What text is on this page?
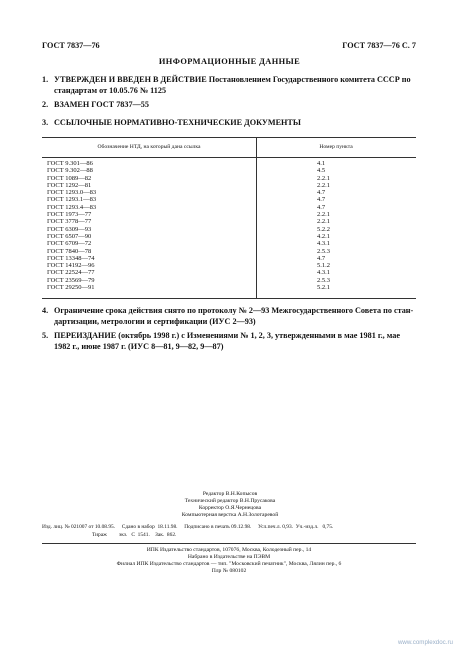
ГОСТ 7837—76	ГОСТ 7837—76 С. 7
ИНФОРМАЦИОННЫЕ ДАННЫЕ
1. УТВЕРЖДЕН И ВВЕДЕН В ДЕЙСТВИЕ Постановлением Государственного комитета СССР по
стандартам от 10.05.76 № 1125
2. ВЗАМЕН ГОСТ 7837—55
3. ССЫЛОЧНЫЕ НОРМАТИВНО-ТЕХНИЧЕСКИЕ ДОКУМЕНТЫ
Обозначение НТД, на который дана ссылка	Номер пункта
ГОСТ 9.301—86
ГОСТ 9.302—88
ГОСТ 1089—82
ГОСТ 1292—81
ГОСТ 1293.0—83
ГОСТ 1293.1—83
ГОСТ 1293.4—83
ГОСТ 1973—77
ГОСТ 3778—77
ГОСТ 6309—93
ГОСТ 6507—90
ГОСТ 6709—72
ГОСТ 7840—78
ГОСТ 13348—74
ГОСТ 14192—96
ГОСТ 22524—77
ГОСТ 23569—79
ГОСТ 29250—91
4.1
4.5
2.2.1
2.2.1
4.7
4.7
4.7
2.2.1
2.2.1
5.2.2
4.2.1
4.3.1
2.5.3
4.7
5.1.2
4.3.1
2.5.3
5.2.1
4. Ограничение срока действия снято по протоколу № 2—93 Межгосударственного Совета по стан-
дартизации, метрологии и сертификации (ИУС 2—93)
5. ПЕРЕИЗДАНИЕ (октябрь 1998 г.) с Изменениями № 1, 2, 3, утвержденными в мае 1981 г., мае
1982 г., июне 1987 г. (ИУС 8—81, 9—82, 9—87)
Редактор В.Н.Копысов
Технический редактор В.Н.Прусакова
Корректор О.Я.Чернецова
Компьютерная верстка А.Н.Золотаревой
Изд. лиц. № 021007 от 10.08.95.     Сдано в набор  18.11.98.     Подписано в печать 09.12.98.     Усл.печ.л. 0,93.  Уч.-изд.л.   0,75.
Тираж         экз.   С  1541.    Зак.  862.
ИПК Издательство стандартов, 107076, Москва, Колодезный пер., 14
Набрано в Издательстве на ПЭВМ
Филиал ИПК Издательство стандартов — тип. "Московский печатник", Москва, Лялин пер., 6
Плр № 080102
www.complexdoc.ru
